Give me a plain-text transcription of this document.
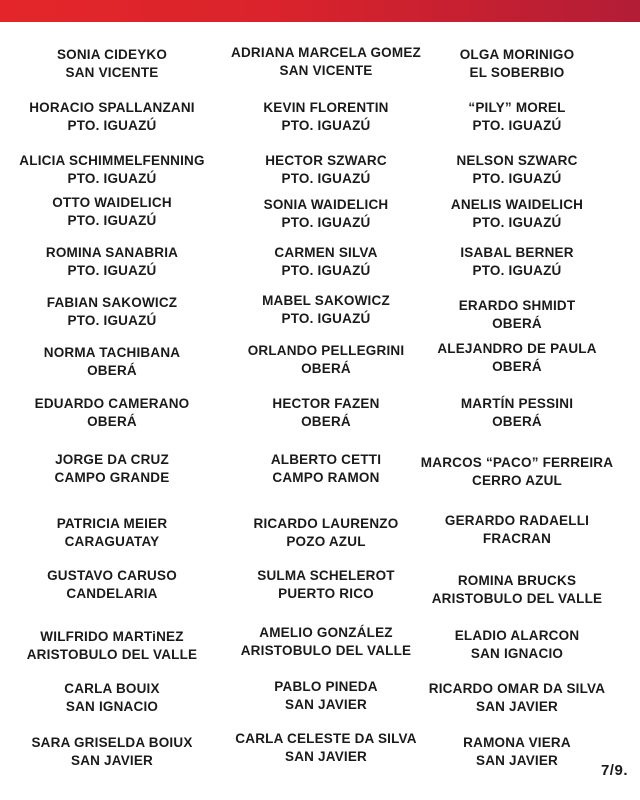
SONIA CIDEYKO
SAN VICENTE
HORACIO SPALLANZANI
PTO. IGUAZÚ
ALICIA SCHIMMELFENNING
PTO. IGUAZÚ
OTTO WAIDELICH
PTO. IGUAZÚ
ROMINA SANABRIA
PTO. IGUAZÚ
FABIAN SAKOWICZ
PTO. IGUAZÚ
NORMA TACHIBANA
OBERÁ
EDUARDO CAMERANO
OBERÁ
JORGE DA CRUZ
CAMPO GRANDE
PATRICIA MEIER
CARAGUATAY
GUSTAVO CARUSO
CANDELARIA
WILFRIDO MARTiNEZ
ARISTOBULO DEL VALLE
CARLA BOUIX
SAN IGNACIO
SARA GRISELDA BOIUX
SAN JAVIER
ADRIANA MARCELA GOMEZ
SAN VICENTE
KEVIN FLORENTIN
PTO. IGUAZÚ
HECTOR SZWARC
PTO. IGUAZÚ
SONIA WAIDELICH
PTO. IGUAZÚ
CARMEN SILVA
PTO. IGUAZÚ
MABEL SAKOWICZ
PTO. IGUAZÚ
ORLANDO PELLEGRINI
OBERÁ
HECTOR FAZEN
OBERÁ
ALBERTO CETTI
CAMPO RAMON
RICARDO LAURENZO
POZO AZUL
SULMA SCHELEROT
PUERTO RICO
AMELIO GONZÁLEZ
ARISTOBULO DEL VALLE
PABLO PINEDA
SAN JAVIER
CARLA CELESTE DA SILVA
SAN JAVIER
OLGA MORINIGO
EL SOBERBIO
“PILY” MOREL
PTO. IGUAZÚ
NELSON SZWARC
PTO. IGUAZÚ
ANELIS WAIDELICH
PTO. IGUAZÚ
ISABAL BERNER
PTO. IGUAZÚ
ERARDO SHMIDT
OBERÁ
ALEJANDRO DE PAULA
OBERÁ
MARTÍN PESSINI
OBERÁ
MARCOS “PACO” FERREIRA
CERRO AZUL
GERARDO RADAELLI
FRACRAN
ROMINA BRUCKS
ARISTOBULO DEL VALLE
ELADIO ALARCON
SAN IGNACIO
RICARDO OMAR DA SILVA
SAN JAVIER
RAMONA VIERA
SAN JAVIER
7/9.
